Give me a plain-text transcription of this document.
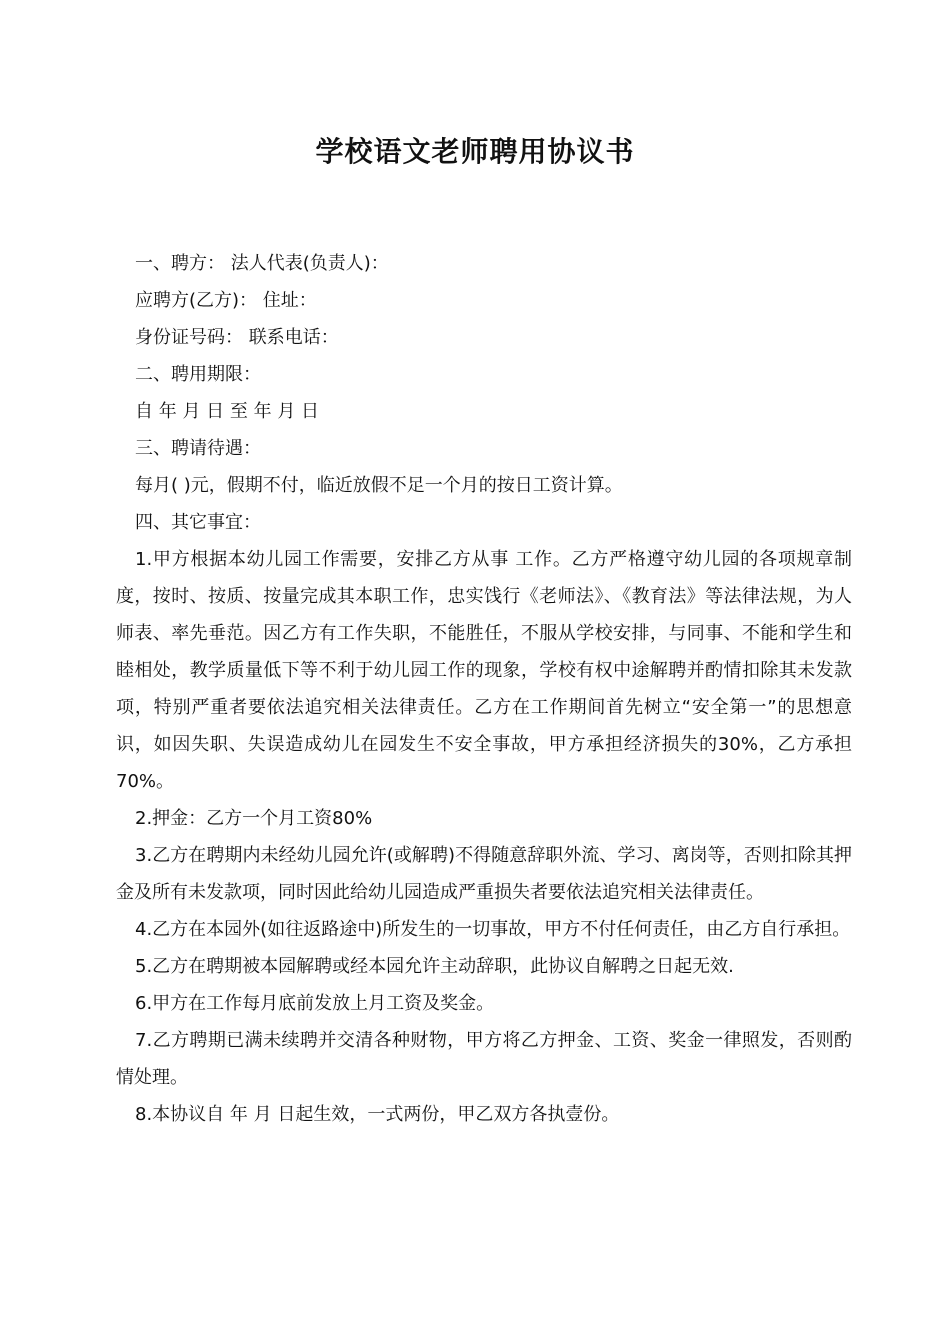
学校语文老师聘用协议书

一、聘方： 法人代表(负责人)：

应聘方(乙方)： 住址：

身份证号码： 联系电话：

二、聘用期限：

自 年 月 日 至 年 月 日

三、聘请待遇：

每月( )元，假期不付，临近放假不足一个月的按日工资计算。

四、其它事宜：

1.甲方根据本幼儿园工作需要，安排乙方从事 工作。乙方严格遵守幼儿园的各项规章制度，按时、按质、按量完成其本职工作，忠实饯行《老师法》、《教育法》等法律法规，为人师表、率先垂范。因乙方有工作失职，不能胜任，不服从学校安排，与同事、不能和学生和睦相处，教学质量低下等不利于幼儿园工作的现象，学校有权中途解聘并酌情扣除其未发款项，特别严重者要依法追究相关法律责任。乙方在工作期间首先树立“安全第一”的思想意识，如因失职、失误造成幼儿在园发生不安全事故，甲方承担经济损失的30%，乙方承担70%。

2.押金：乙方一个月工资80%

3.乙方在聘期内未经幼儿园允许(或解聘)不得随意辞职外流、学习、离岗等，否则扣除其押金及所有未发款项，同时因此给幼儿园造成严重损失者要依法追究相关法律责任。

4.乙方在本园外(如往返路途中)所发生的一切事故，甲方不付任何责任，由乙方自行承担。

5.乙方在聘期被本园解聘或经本园允许主动辞职，此协议自解聘之日起无效.

6.甲方在工作每月底前发放上月工资及奖金。

7.乙方聘期已满未续聘并交清各种财物，甲方将乙方押金、工资、奖金一律照发，否则酌情处理。

8.本协议自 年 月 日起生效，一式两份，甲乙双方各执壹份。
